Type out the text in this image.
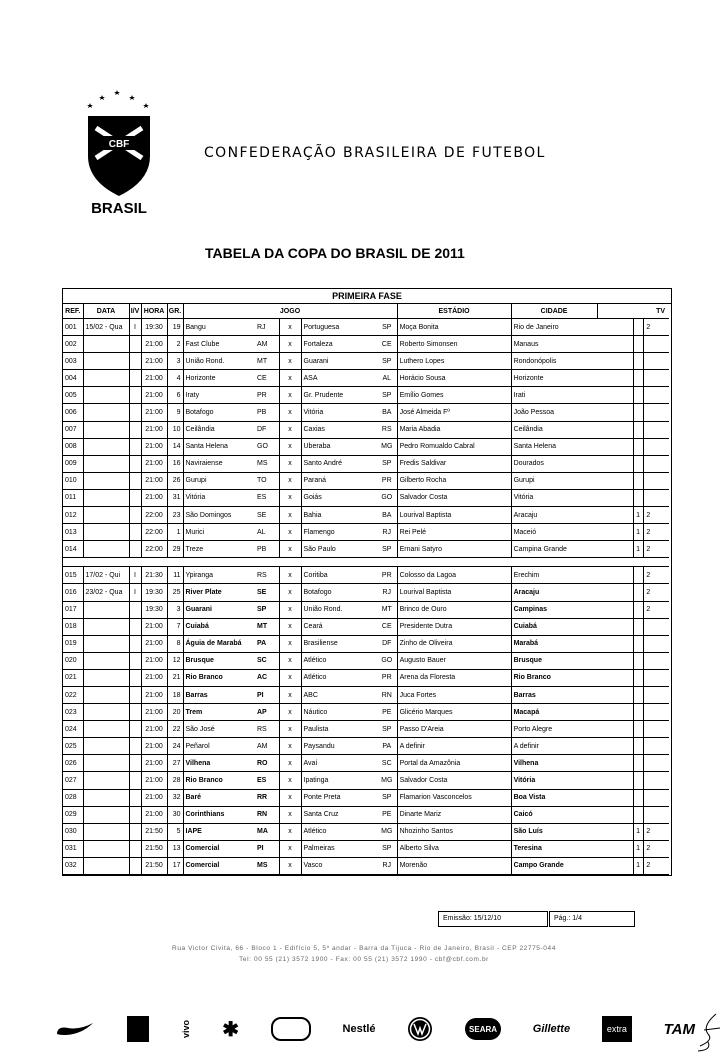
CBF
BRASIL
CONFEDERAÇÃO BRASILEIRA DE FUTEBOL
TABELA DA COPA DO BRASIL DE 2011
PRIMEIRA FASE
REF.	DATA	I/V	HORA	GR.	JOGO					ESTÁDIO	CIDADE	TV			
001	15/02 - Qua	I	19:30	19	Bangu	RJ	x	Portuguesa	SP	Moça Bonita	Rio de Janeiro			2	
002			21:00	2	Fast Clube	AM	x	Fortaleza	CE	Roberto Simonsen	Manaus				
003			21:00	3	União Rond.	MT	x	Guarani	SP	Luthero Lopes	Rondonópolis				
004			21:00	4	Horizonte	CE	x	ASA	AL	Horácio Sousa	Horizonte				
005			21:00	6	Iraty	PR	x	Gr. Prudente	SP	Emílio Gomes	Irati				
006			21:00	9	Botafogo	PB	x	Vitória	BA	José Almeida Fº	João Pessoa				
007			21:00	10	Ceilândia	DF	x	Caxias	RS	Maria Abadia	Ceilândia				
008			21:00	14	Santa Helena	GO	x	Uberaba	MG	Pedro Romualdo Cabral	Santa Helena				
009			21:00	16	Naviraiense	MS	x	Santo André	SP	Fredis Saldivar	Dourados				
010			21:00	26	Gurupi	TO	x	Paraná	PR	Gilberto Rocha	Gurupi				
011			21:00	31	Vitória	ES	x	Goiás	GO	Salvador Costa	Vitória				
012			22:00	23	São Domingos	SE	x	Bahia	BA	Lourival Baptista	Aracaju		1	2	
013			22:00	1	Murici	AL	x	Flamengo	RJ	Rei Pelé	Maceió		1	2	
014			22:00	29	Treze	PB	x	São Paulo	SP	Ernani Satyro	Campina Grande		1	2	

015	17/02 - Qui	I	21:30	11	Ypiranga	RS	x	Coritiba	PR	Colosso da Lagoa	Erechim			2	
016	23/02 - Qua	I	19:30	25	River Plate	SE	x	Botafogo	RJ	Lourival Baptista	Aracaju			2	
017			19:30	3	Guarani	SP	x	União Rond.	MT	Brinco de Ouro	Campinas			2	
018			21:00	7	Cuiabá	MT	x	Ceará	CE	Presidente Dutra	Cuiabá				
019			21:00	8	Águia de Marabá	PA	x	Brasiliense	DF	Zinho de Oliveira	Marabá				
020			21:00	12	Brusque	SC	x	Atlético	GO	Augusto Bauer	Brusque				
021			21:00	21	Rio Branco	AC	x	Atlético	PR	Arena da Floresta	Rio Branco				
022			21:00	18	Barras	PI	x	ABC	RN	Juca Fortes	Barras				
023			21:00	20	Trem	AP	x	Náutico	PE	Glicério Marques	Macapá				
024			21:00	22	São José	RS	x	Paulista	SP	Passo D'Areia	Porto Alegre				
025			21:00	24	Peñarol	AM	x	Paysandu	PA	A definir	A definir				
026			21:00	27	Vilhena	RO	x	Avaí	SC	Portal da Amazônia	Vilhena				
027			21:00	28	Rio Branco	ES	x	Ipatinga	MG	Salvador Costa	Vitória				
028			21:00	32	Baré	RR	x	Ponte Preta	SP	Flamarion Vasconcelos	Boa Vista				
029			21:00	30	Corinthians	RN	x	Santa Cruz	PE	Dinarte Mariz	Caicó				
030			21:50	5	IAPE	MA	x	Atlético	MG	Nhozinho Santos	São Luís		1	2	
031			21:50	13	Comercial	PI	x	Palmeiras	SP	Alberto Silva	Teresina		1	2	
032			21:50	17	Comercial	MS	x	Vasco	RJ	Morenão	Campo Grande		1	2	
Emissão: 15/12/10	Pág.: 1/4
Rua Victor Civita, 66 - Bloco 1 - Edifício 5, 5º andar - Barra da Tijuca - Rio de Janeiro, Brasil - CEP 22775-044
Tel: 00 55 (21) 3572 1900 - Fax: 00 55 (21) 3572 1990 - cbf@cbf.com.br
vivo ✱	Nestlé	SEARA	Gillette	extra	TAM
